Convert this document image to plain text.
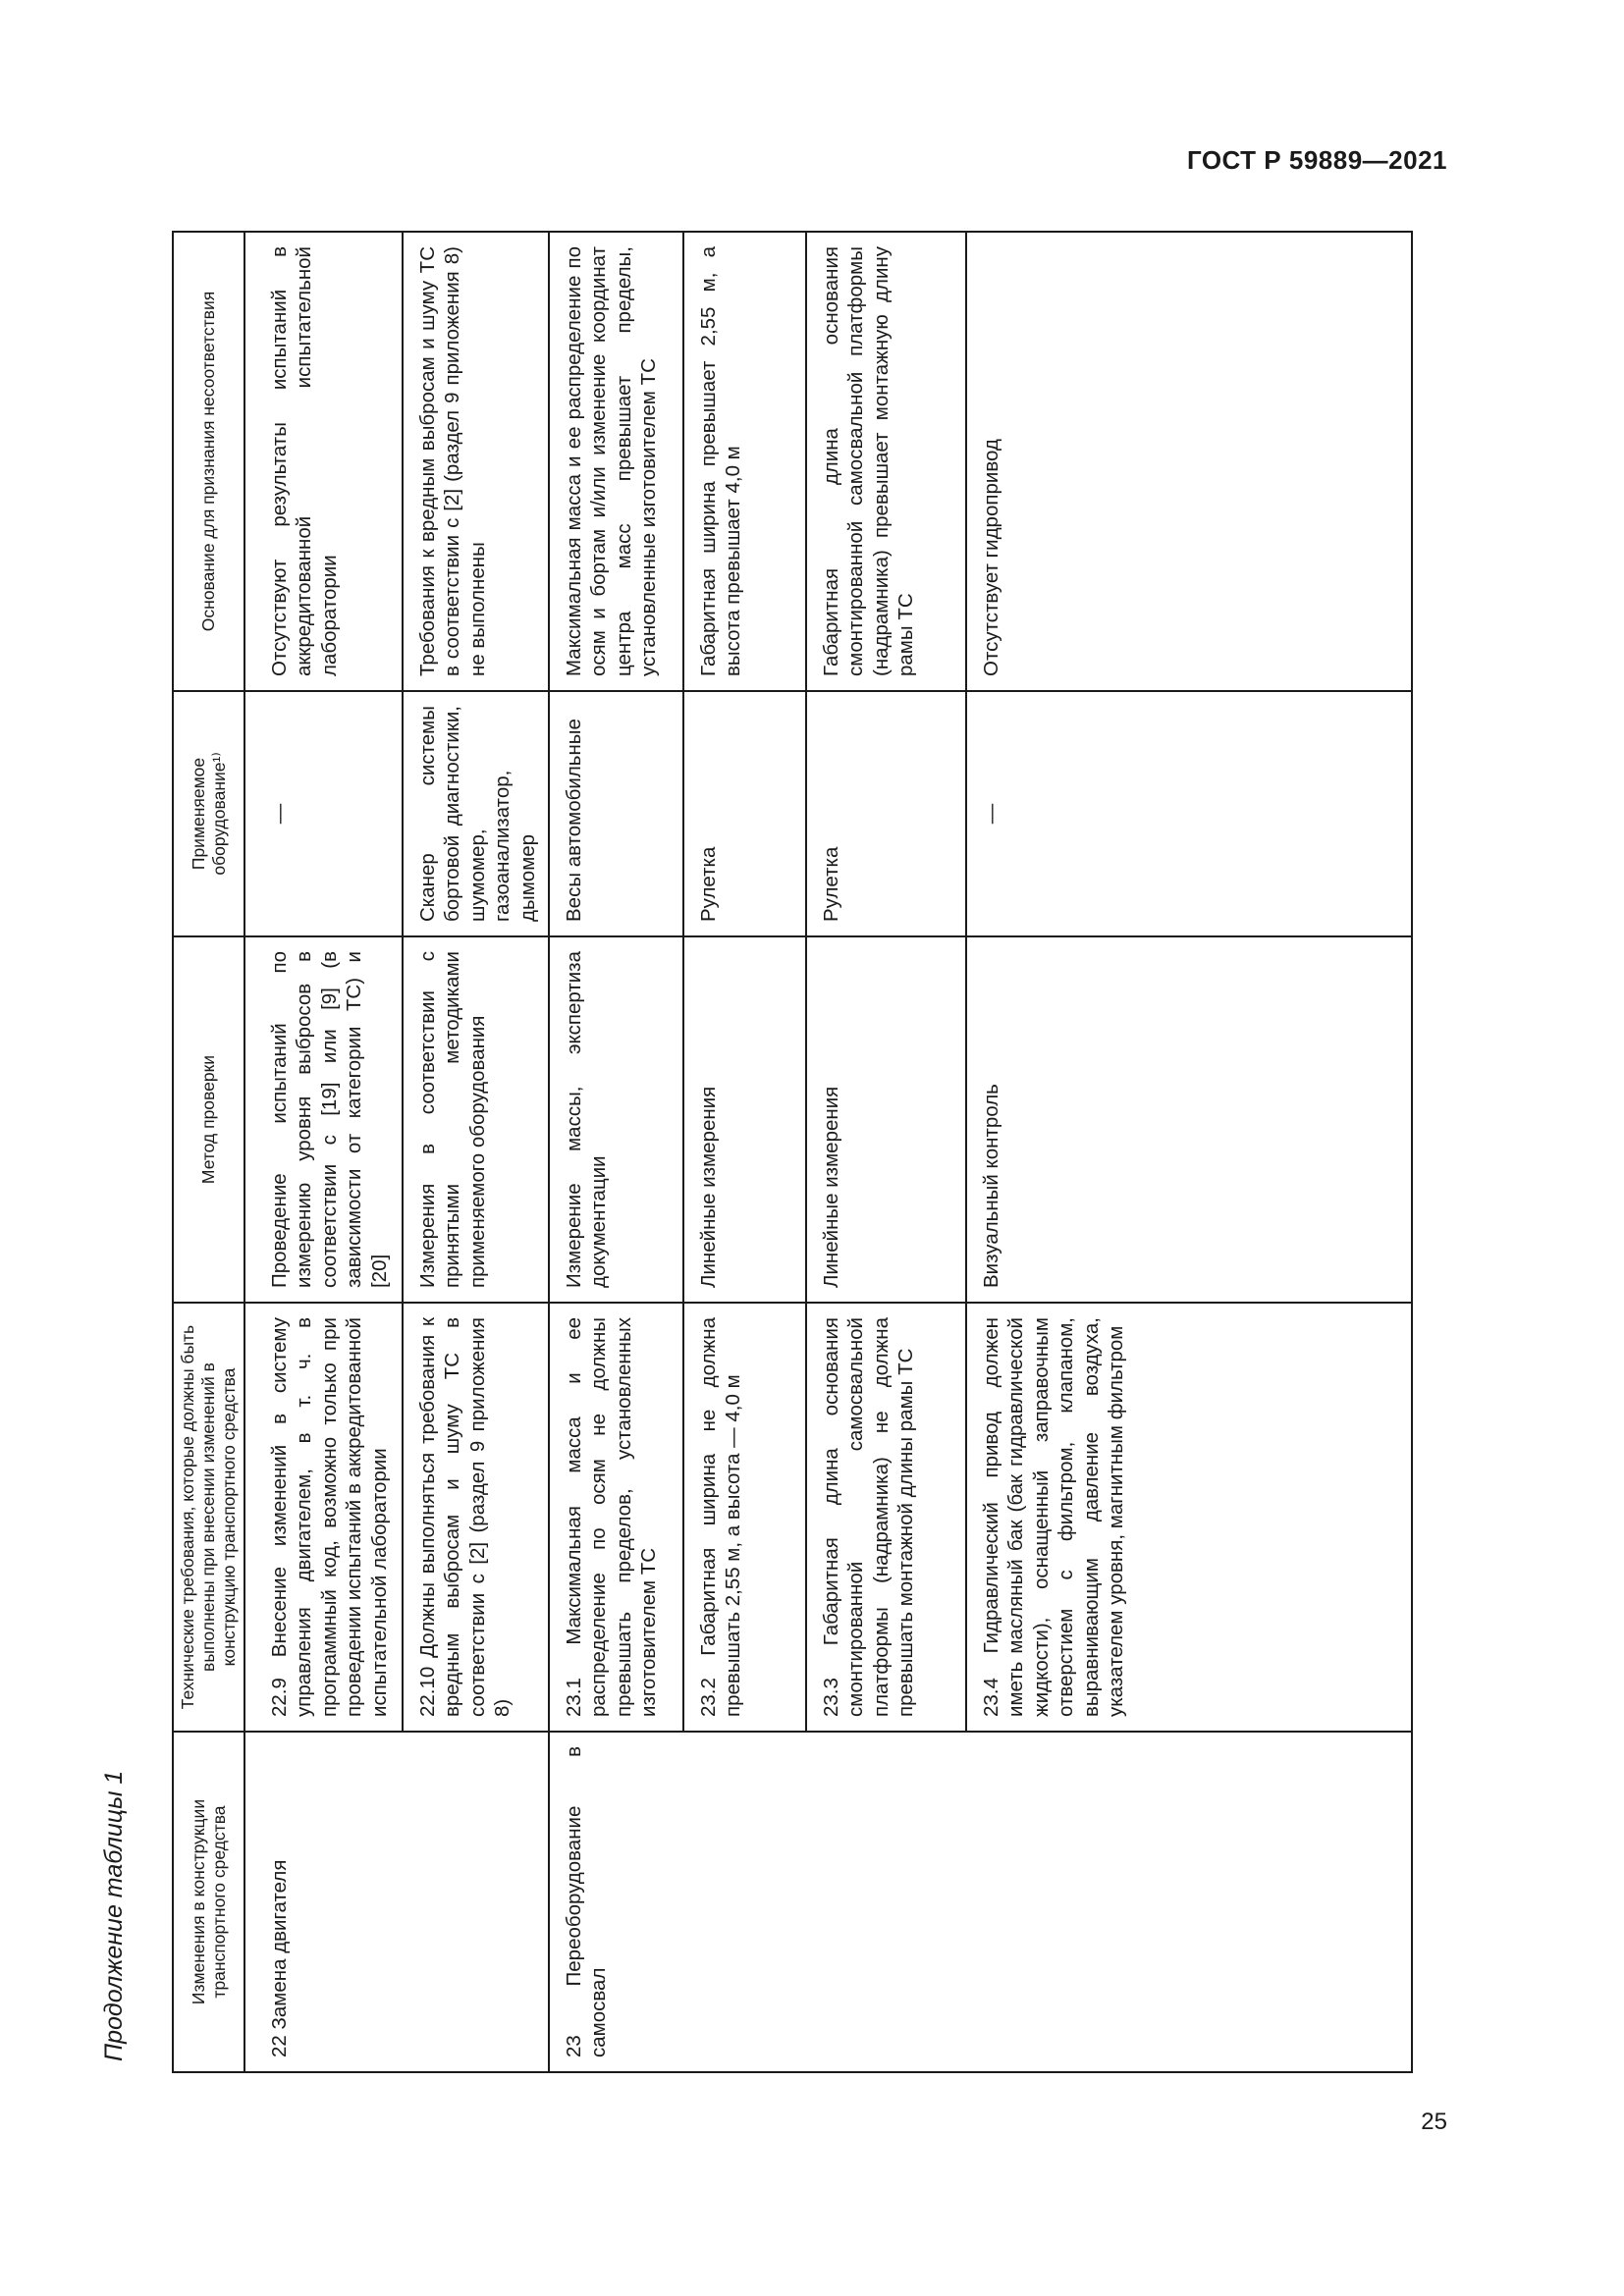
ГОСТ Р 59889—2021
Продолжение таблицы 1	Изменения в конструкции транспортного средства	Технические требования, которые должны быть выполнены при внесении изменений в конструкцию транспортного средства	Метод проверки	Применяемое оборудование¹⁾	Основание для признания несоответствия

22 Замена двигателя	22.9 Внесение изменений в систему управления двигателем, в т. ч. в программный код, возможно только при проведении испытаний в аккредитованной испытательной лаборатории	Проведение испытаний по измерению уровня выбросов в соответствии с [19] или [9] (в зависимости от категории ТС) и [20]	—	Отсутствуют результаты испытаний в аккредитованной испытательной лаборатории
	22.10 Должны выполняться требования к вредным выбросам и шуму ТС в соответствии с [2] (раздел 9 приложения 8)	Измерения в соответствии с принятыми методиками применяемого оборудования	Сканер системы бортовой диагностики, шумомер, газоанализатор, дымомер	Требования к вредным выбросам и шуму ТС в соответствии с [2] (раздел 9 приложения 8) не выполнены
23 Переоборудование в самосвал	23.1 Максимальная масса и ее распределение по осям не должны превышать пределов, установленных изготовителем ТС	Измерение массы, экспертиза документации	Весы автомобильные	Максимальная масса и ее распределение по осям и бортам и/или изменение координат центра масс превышает пределы, установленные изготовителем ТС
	23.2 Габаритная ширина не должна превышать 2,55 м, а высота — 4,0 м	Линейные измерения	Рулетка	Габаритная ширина превышает 2,55 м, а высота превышает 4,0 м
	23.3 Габаритная длина основания смонтированной самосвальной платформы (надрамника) не должна превышать монтажной длины рамы ТС	Линейные измерения	Рулетка	Габаритная длина основания смонтированной самосвальной платформы (надрамника) превышает монтажную длину рамы ТС
	23.4 Гидравлический привод должен иметь масляный бак (бак гидравлической жидкости), оснащенный заправочным отверстием с фильтром, клапаном, выравнивающим давление воздуха, указателем уровня, магнитным фильтром	Визуальный контроль	—	Отсутствует гидропривод
25
